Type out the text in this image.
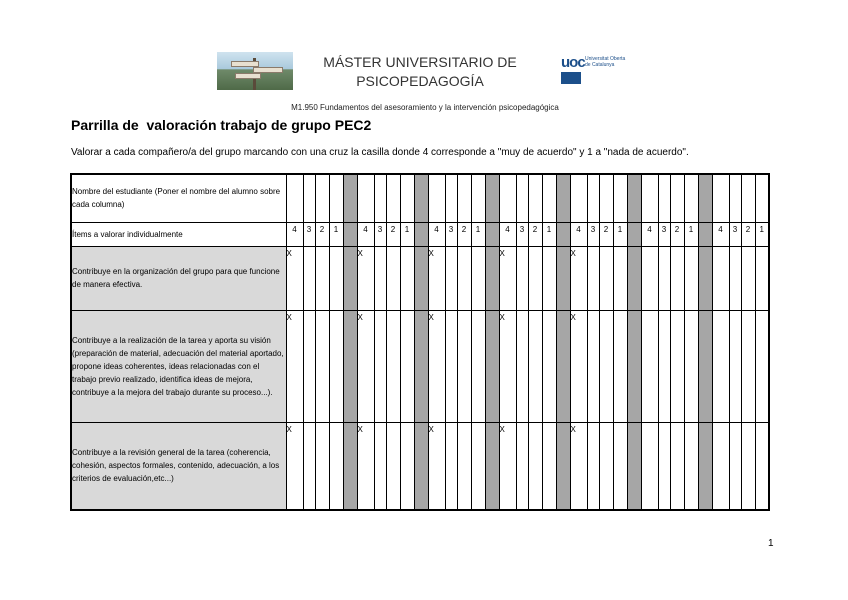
MÁSTER UNIVERSITARIO DE
PSICOPEDAGOGÍA
uoc Universitat Oberta de Catalunya
M1.950 Fundamentos del asesoramiento y la intervención psicopedagógica
Parrilla de  valoración trabajo de grupo PEC2
Valorar a cada compañero/a del grupo marcando con una cruz la casilla donde 4 corresponde a "muy de acuerdo" y 1 a "nada de acuerdo".
Nombre del estudiante (Poner el nombre del alumno sobre cada columna)																																		
Ítems a valorar individualmente	4	3	2	1		4	3	2	1		4	3	2	1		4	3	2	1		4	3	2	1		4	3	2	1		4	3	2	1
Contribuye en la organización del grupo para que funcione de manera efectiva.	X					X					X					X					X													
Contribuye a la realización de la tarea y aporta su visión (preparación de material, adecuación del material aportado, propone ideas coherentes, ideas relacionadas con el trabajo previo realizado, identifica ideas de mejora, contribuye a la mejora del trabajo durante su proceso...).	X					X					X					X					X													
Contribuye a la revisión general de la tarea (coherencia, cohesión, aspectos formales, contenido, adecuación, a los criterios de evaluación,etc...)	X					X					X					X					X													
1
